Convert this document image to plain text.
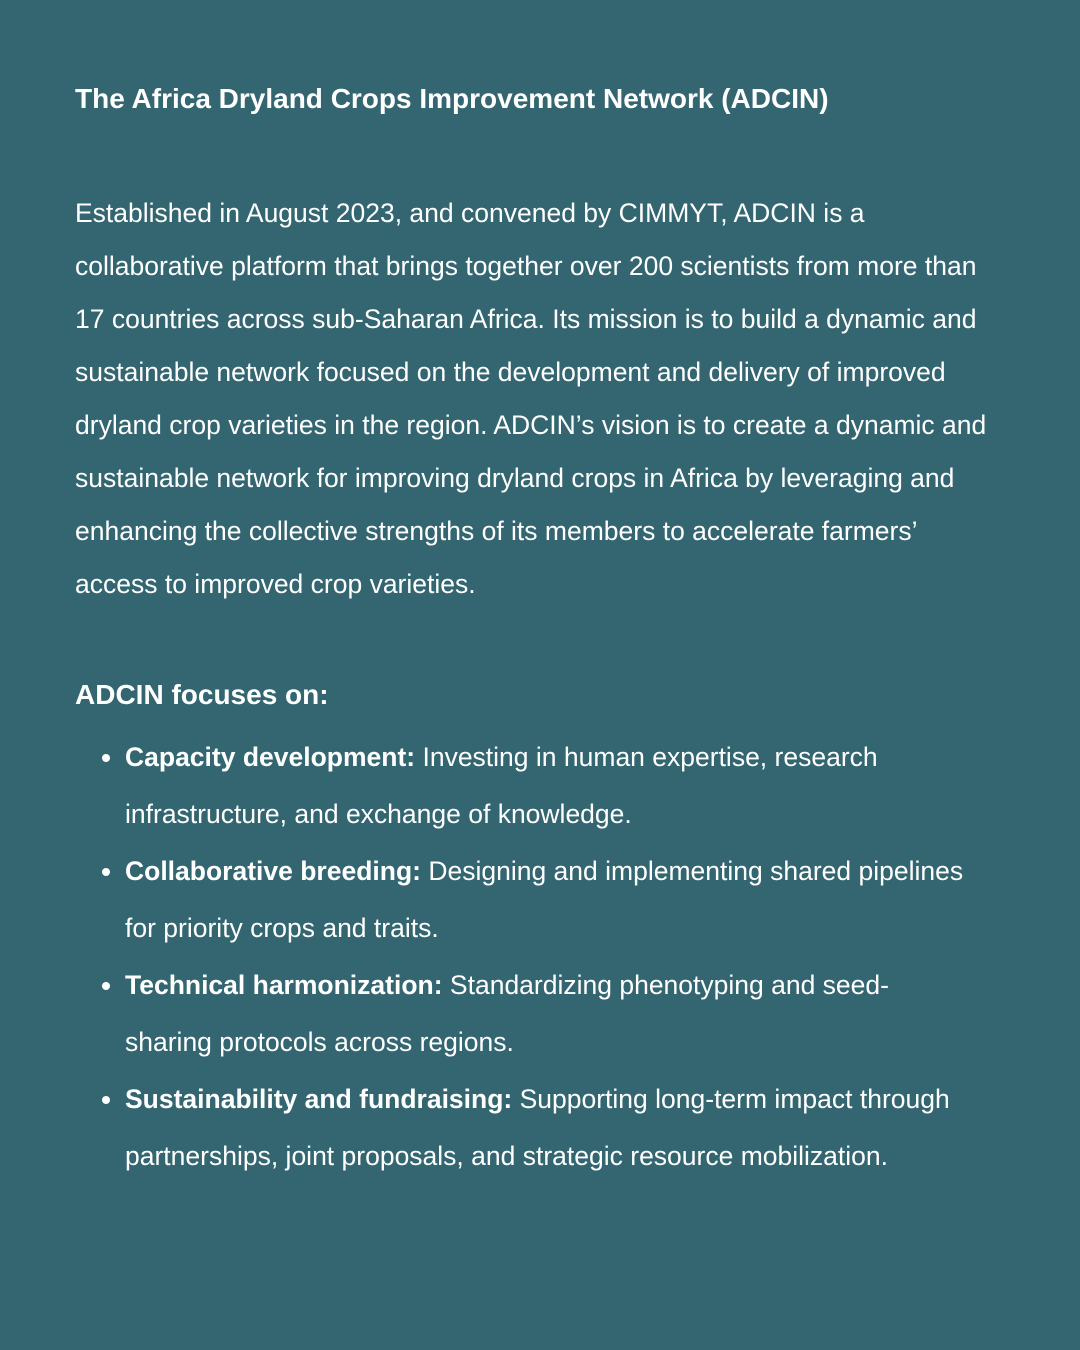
The Africa Dryland Crops Improvement Network (ADCIN)

Established in August 2023, and convened by CIMMYT, ADCIN is a collaborative platform that brings together over 200 scientists from more than 17 countries across sub-Saharan Africa. Its mission is to build a dynamic and sustainable network focused on the development and delivery of improved dryland crop varieties in the region. ADCIN’s vision is to create a dynamic and sustainable network for improving dryland crops in Africa by leveraging and enhancing the collective strengths of its members to accelerate farmers’ access to improved crop varieties.

ADCIN focuses on:
Capacity development: Investing in human expertise, research infrastructure, and exchange of knowledge.
Collaborative breeding: Designing and implementing shared pipelines for priority crops and traits.
Technical harmonization: Standardizing phenotyping and seed-sharing protocols across regions.
Sustainability and fundraising: Supporting long-term impact through partnerships, joint proposals, and strategic resource mobilization.
